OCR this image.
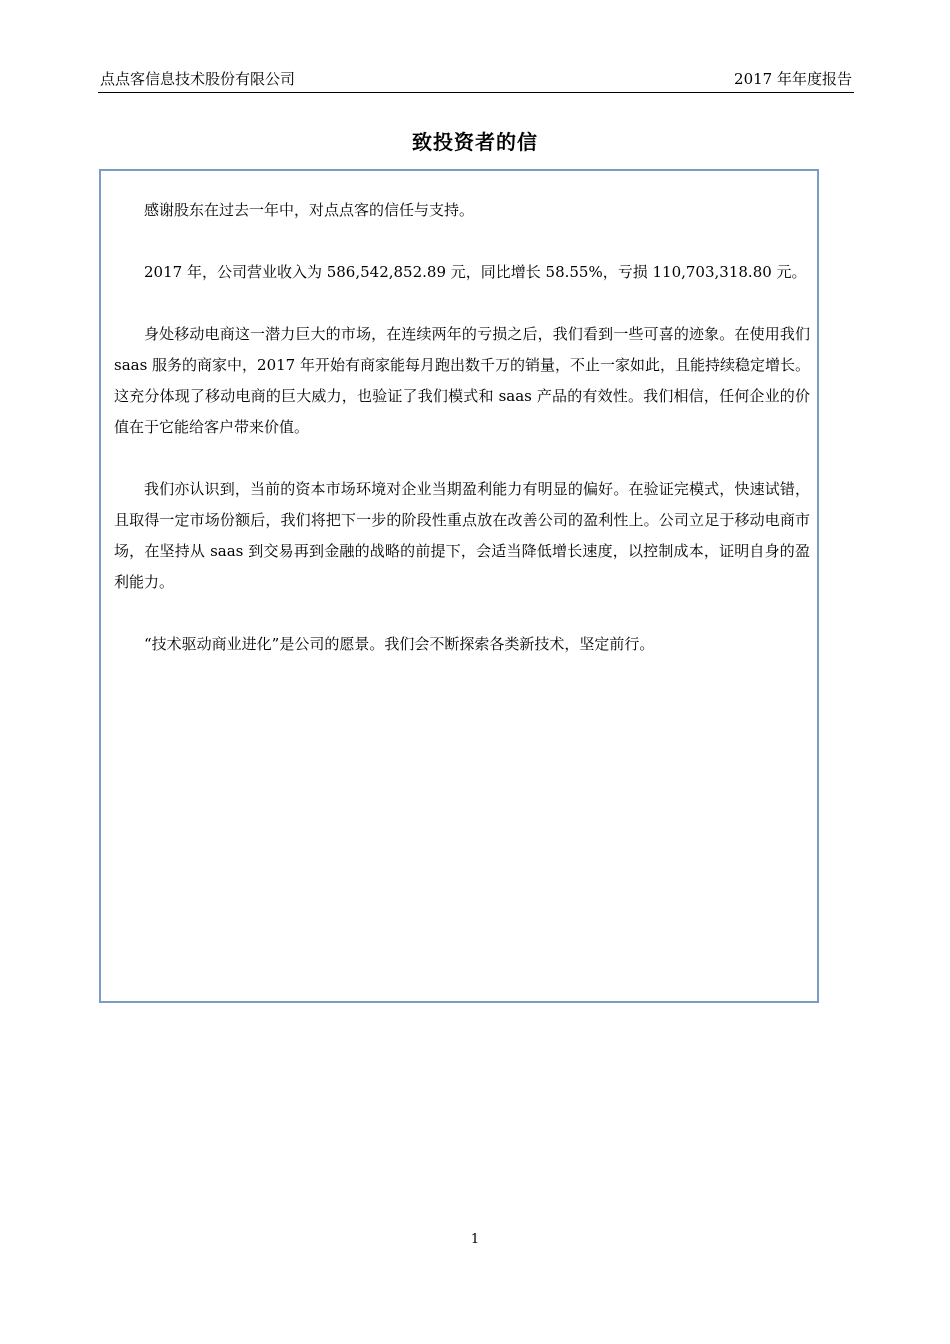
点点客信息技术股份有限公司	2017 年年度报告
致投资者的信

感谢股东在过去一年中，对点点客的信任与支持。

2017 年，公司营业收入为 586,542,852.89 元，同比增长 58.55%，亏损 110,703,318.80 元。

身处移动电商这一潜力巨大的市场，在连续两年的亏损之后，我们看到一些可喜的迹象。在使用我们 saas 服务的商家中，2017 年开始有商家能每月跑出数千万的销量，不止一家如此，且能持续稳定增长。这充分体现了移动电商的巨大威力，也验证了我们模式和 saas 产品的有效性。我们相信，任何企业的价值在于它能给客户带来价值。

我们亦认识到，当前的资本市场环境对企业当期盈利能力有明显的偏好。在验证完模式，快速试错，且取得一定市场份额后，我们将把下一步的阶段性重点放在改善公司的盈利性上。公司立足于移动电商市场，在坚持从 saas 到交易再到金融的战略的前提下，会适当降低增长速度，以控制成本，证明自身的盈利能力。

“技术驱动商业进化”是公司的愿景。我们会不断探索各类新技术，坚定前行。

1
